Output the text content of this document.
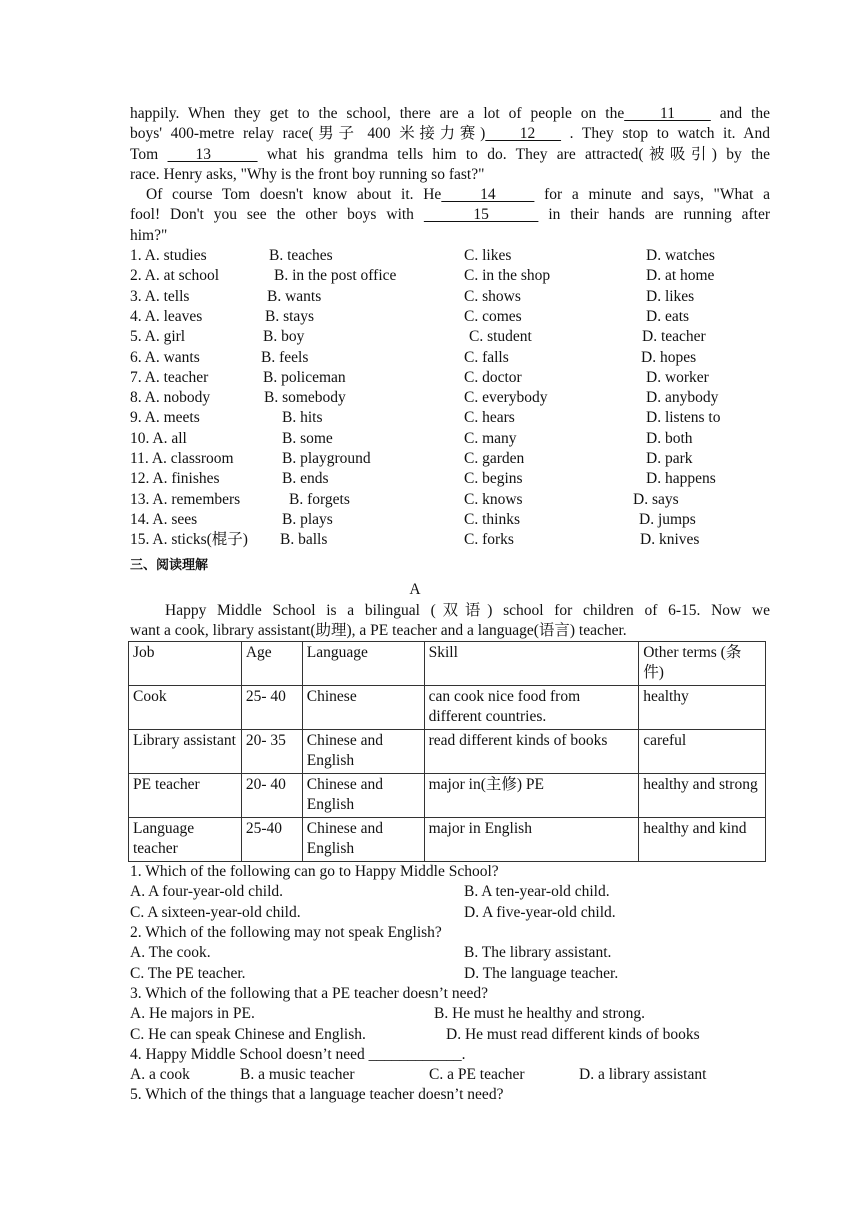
happily. When they get to the school, there are a lot of people on the    11     and the
boys' 400-metre relay race(男子 400 米接力赛)    12    . They stop to watch it. And
Tom    13      what his grandma tells him to do. They are attracted(被吸引) by the
race. Henry asks, "Why is the front boy running so fast?"
Of course Tom doesn't know about it. He    14     for a minute and says, "What a
fool! Don't you see the other boys with      15      in their hands are running after
him?"
1. A. studies	B. teaches	C. likes	D. watches
2. A. at school	B. in the post office	C. in the shop	D. at home
3. A. tells	B. wants	C. shows	D. likes
4. A. leaves	B. stays	C. comes	D. eats
5. A. girl	B. boy	C. student	D. teacher
6. A. wants	B. feels	C. falls	D. hopes
7. A. teacher	B. policeman	C. doctor	D. worker
8. A. nobody	B. somebody	C. everybody	D. anybody
9. A. meets	B. hits	C. hears	D. listens to
10. A. all	B. some	C. many	D. both
11. A. classroom	B. playground	C. garden	D. park
12. A. finishes	B. ends	C. begins	D. happens
13. A. remembers	B. forgets	C. knows	D. says
14. A. sees	B. plays	C. thinks	D. jumps
15. A. sticks(棍子) B. balls	C. forks	D. knives
三、阅读理解
A
Happy Middle School is a bilingual (双语) school for children of 6-15. Now we
want a cook, library assistant(助理), a PE teacher and a language(语言) teacher.
Job	Age	Language	Skill	Other terms (条件)
Cook	25- 40	Chinese	can cook nice food from different countries.	healthy
Library assistant	20- 35	Chinese and English	read different kinds of books	careful
PE teacher	20- 40	Chinese and English	major in(主修) PE	healthy and strong
Language teacher	25-40	Chinese and English	major in English	healthy and kind
1. Which of the following can go to Happy Middle School?
A. A four-year-old child.	B. A ten-year-old child.
C. A sixteen-year-old child.	D. A five-year-old child.
2. Which of the following may not speak English?
A. The cook.	B. The library assistant.
C. The PE teacher.	D. The language teacher.
3. Which of the following that a PE teacher doesn’t need?
A. He majors in PE.	B. He must he healthy and strong.
C. He can speak Chinese and English.	D. He must read different kinds of books
4. Happy Middle School doesn’t need ____________.
A. a cook	B. a music teacher	C. a PE teacher	D. a library assistant
5. Which of the things that a language teacher doesn’t need?
